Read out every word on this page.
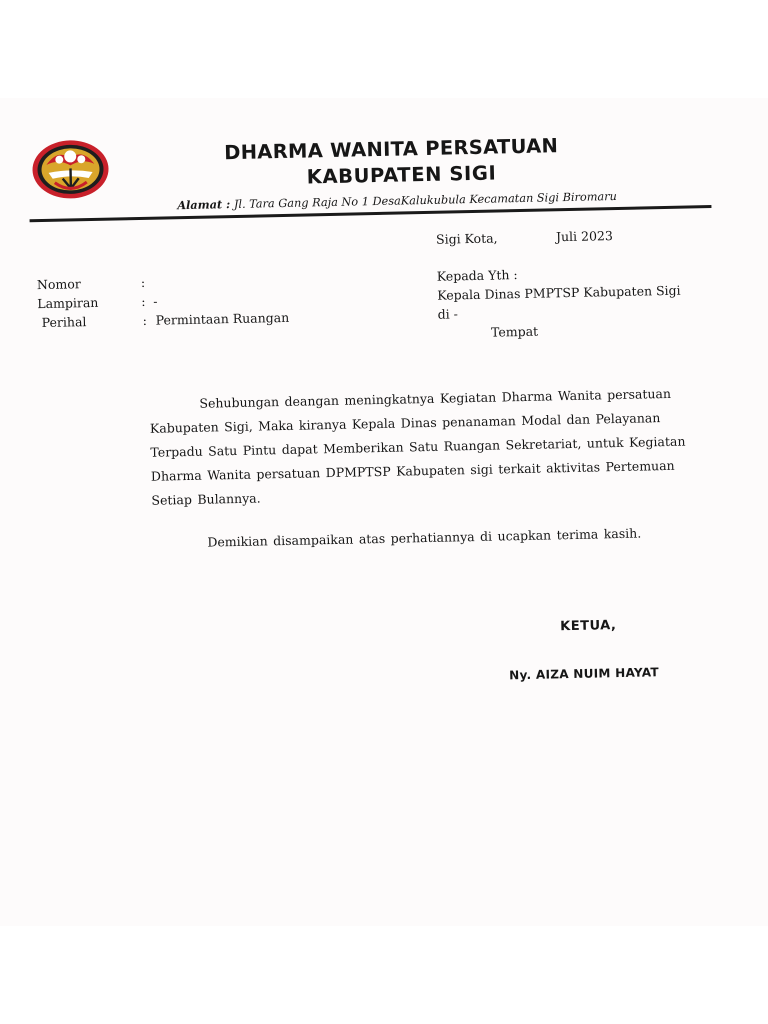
DHARMA WANITA PERSATUAN
KABUPATEN SIGI
Alamat : Jl. Tara Gang Raja No 1 DesaKalukubula Kecamatan Sigi Biromaru
Sigi Kota,	Juli 2023
Nomor	:
Lampiran	: -
Perihal	: Permintaan Ruangan
Kepada Yth :
Kepala Dinas PMPTSP Kabupaten Sigi
di -
Tempat
Sehubungan deangan meningkatnya Kegiatan Dharma Wanita persatuan
Kabupaten Sigi, Maka kiranya Kepala Dinas penanaman Modal dan Pelayanan
Terpadu Satu Pintu dapat Memberikan Satu Ruangan Sekretariat, untuk Kegiatan
Dharma Wanita persatuan DPMPTSP Kabupaten sigi terkait aktivitas Pertemuan
Setiap Bulannya.
Demikian disampaikan atas perhatiannya di ucapkan terima kasih.
KETUA,
Ny. AIZA NUIM HAYAT
